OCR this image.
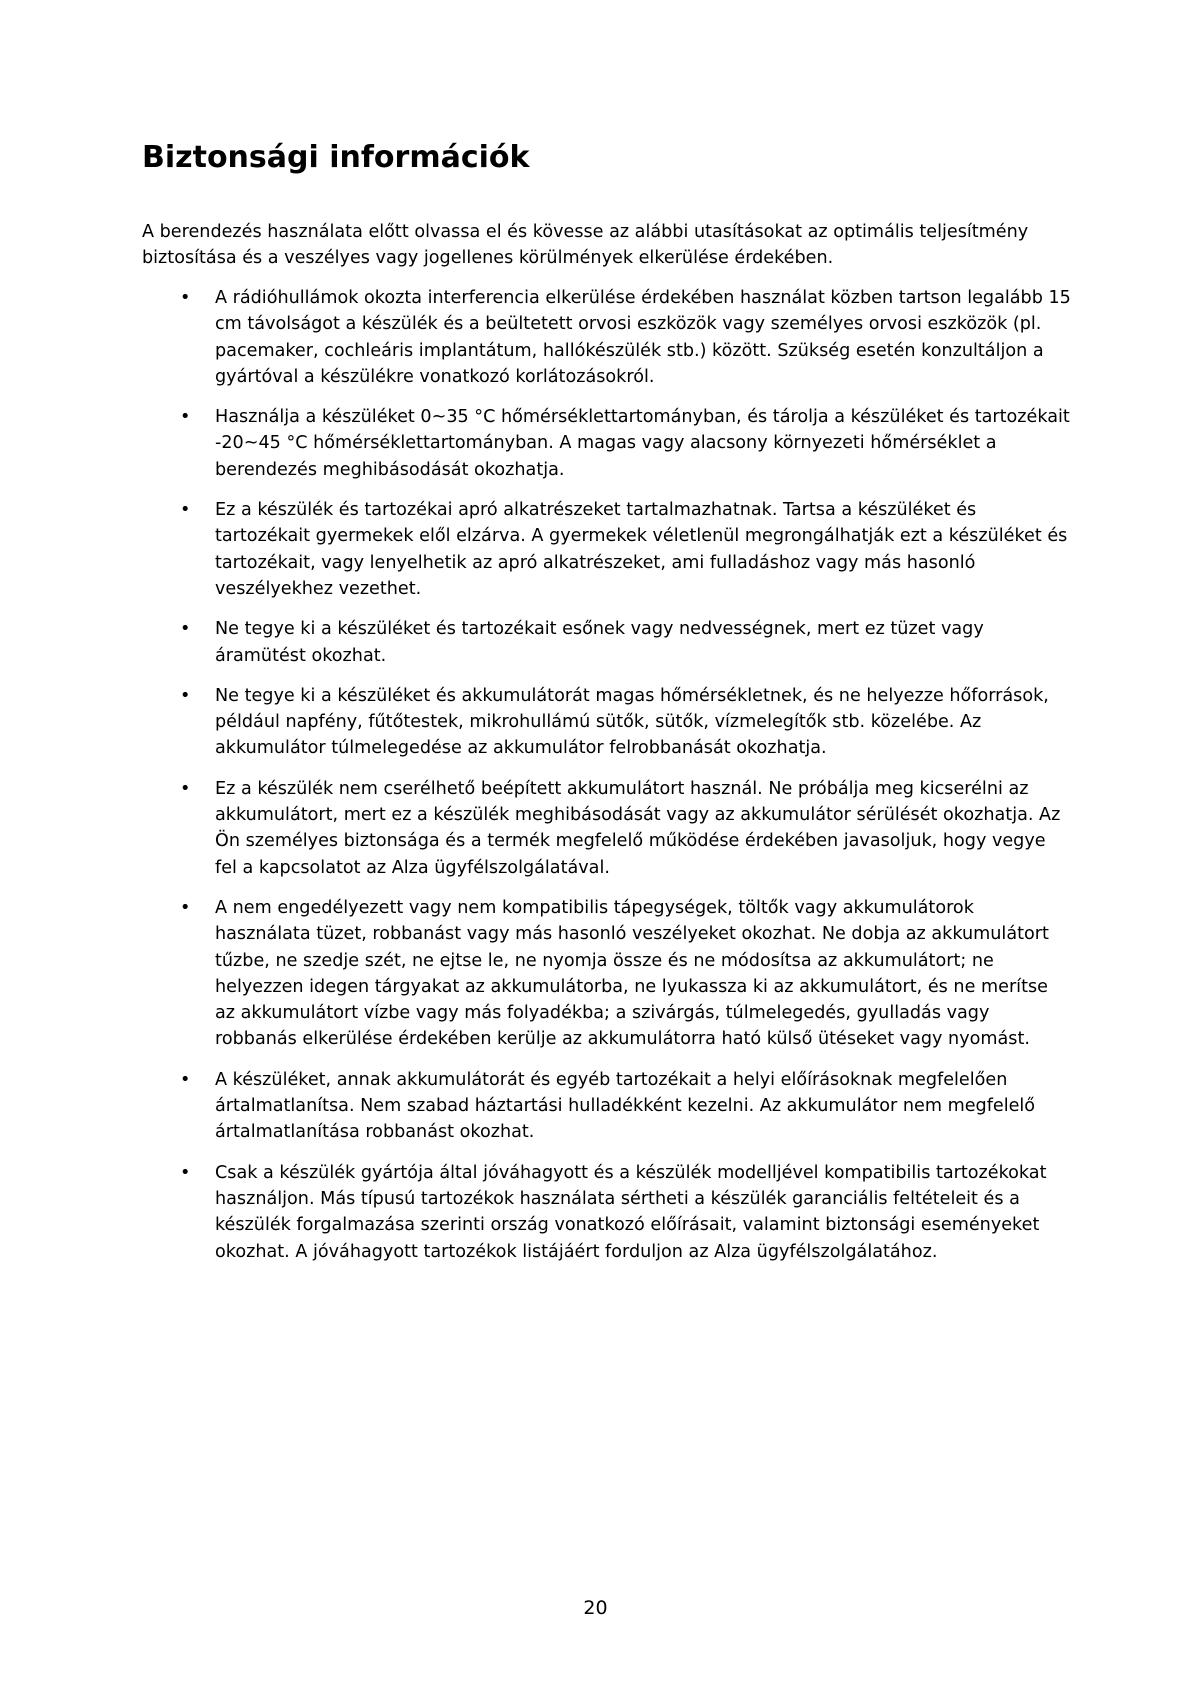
Biztonsági információk

A berendezés használata előtt olvassa el és kövesse az alábbi utasításokat az optimális teljesítmény biztosítása és a veszélyes vagy jogellenes körülmények elkerülése érdekében.

• A rádióhullámok okozta interferencia elkerülése érdekében használat közben tartson legalább 15 cm távolságot a készülék és a beültetett orvosi eszközök vagy személyes orvosi eszközök (pl. pacemaker, cochleáris implantátum, hallókészülék stb.) között. Szükség esetén konzultáljon a gyártóval a készülékre vonatkozó korlátozásokról.
• Használja a készüléket 0~35 °C hőmérséklettartományban, és tárolja a készüléket és tartozékait -20~45 °C hőmérséklettartományban. A magas vagy alacsony környezeti hőmérséklet a berendezés meghibásodását okozhatja.
• Ez a készülék és tartozékai apró alkatrészeket tartalmazhatnak. Tartsa a készüléket és tartozékait gyermekek elől elzárva. A gyermekek véletlenül megrongálhatják ezt a készüléket és tartozékait, vagy lenyelhetik az apró alkatrészeket, ami fulladáshoz vagy más hasonló veszélyekhez vezethet.
• Ne tegye ki a készüléket és tartozékait esőnek vagy nedvességnek, mert ez tüzet vagy áramütést okozhat.
• Ne tegye ki a készüléket és akkumulátorát magas hőmérsékletnek, és ne helyezze hőforrások, például napfény, fűtőtestek, mikrohullámú sütők, sütők, vízmelegítők stb. közelébe. Az akkumulátor túlmelegedése az akkumulátor felrobbanását okozhatja.
• Ez a készülék nem cserélhető beépített akkumulátort használ. Ne próbálja meg kicserélni az akkumulátort, mert ez a készülék meghibásodását vagy az akkumulátor sérülését okozhatja. Az Ön személyes biztonsága és a termék megfelelő működése érdekében javasoljuk, hogy vegye fel a kapcsolatot az Alza ügyfélszolgálatával.
• A nem engedélyezett vagy nem kompatibilis tápegységek, töltők vagy akkumulátorok használata tüzet, robbanást vagy más hasonló veszélyeket okozhat. Ne dobja az akkumulátort tűzbe, ne szedje szét, ne ejtse le, ne nyomja össze és ne módosítsa az akkumulátort; ne helyezzen idegen tárgyakat az akkumulátorba, ne lyukassza ki az akkumulátort, és ne merítse az akkumulátort vízbe vagy más folyadékba; a szivárgás, túlmelegedés, gyulladás vagy robbanás elkerülése érdekében kerülje az akkumulátorra ható külső ütéseket vagy nyomást.
• A készüléket, annak akkumulátorát és egyéb tartozékait a helyi előírásoknak megfelelően ártalmatlanítsa. Nem szabad háztartási hulladékként kezelni. Az akkumulátor nem megfelelő ártalmatlanítása robbanást okozhat.
• Csak a készülék gyártója által jóváhagyott és a készülék modelljével kompatibilis tartozékokat használjon. Más típusú tartozékok használata sértheti a készülék garanciális feltételeit és a készülék forgalmazása szerinti ország vonatkozó előírásait, valamint biztonsági eseményeket okozhat. A jóváhagyott tartozékok listájáért forduljon az Alza ügyfélszolgálatához.

20
